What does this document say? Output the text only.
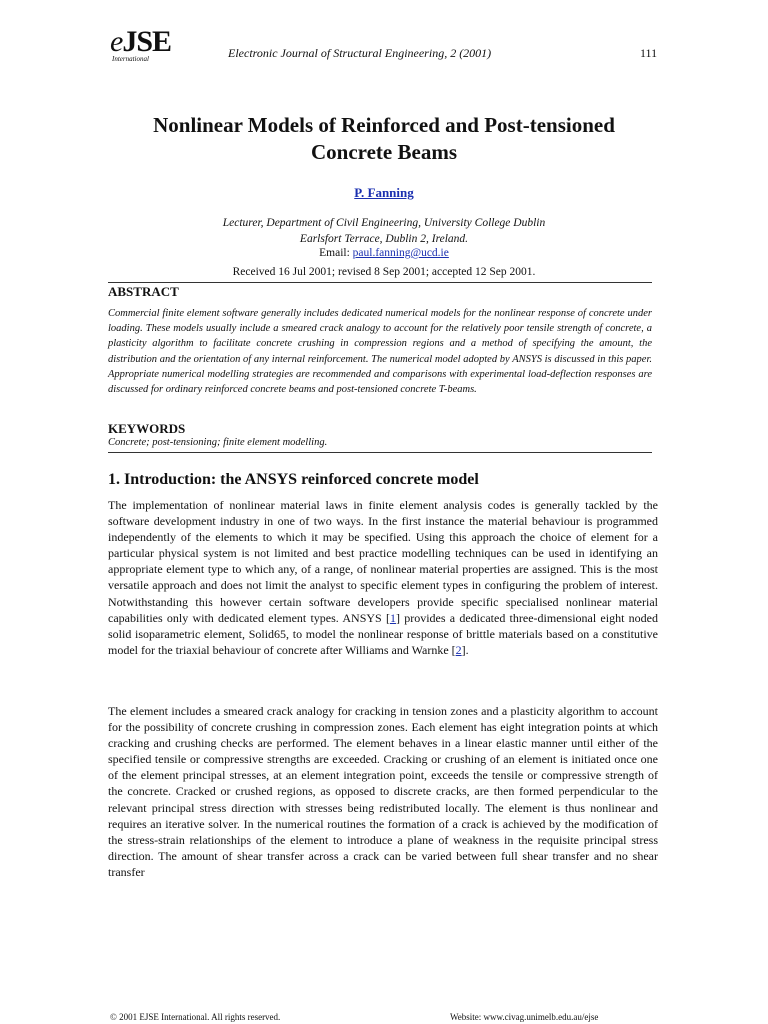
eJSE
International	Electronic Journal of Structural Engineering, 2 (2001)	111
Nonlinear Models of Reinforced and Post-tensioned
Concrete Beams
P. Fanning
Lecturer, Department of Civil Engineering, University College Dublin
Earlsfort Terrace, Dublin 2, Ireland.
Email: paul.fanning@ucd.ie
Received 16 Jul 2001; revised 8 Sep 2001; accepted 12 Sep 2001.
ABSTRACT
Commercial finite element software generally includes dedicated numerical models for the nonlinear response of concrete under loading. These models usually include a smeared crack analogy to account for the relatively poor tensile strength of concrete, a plasticity algorithm to facilitate concrete crushing in compression regions and a method of specifying the amount, the distribution and the orientation of any internal reinforcement. The numerical model adopted by ANSYS is discussed in this paper. Appropriate numerical modelling strategies are recommended and comparisons with experimental load-deflection responses are discussed for ordinary reinforced concrete beams and post-tensioned concrete T-beams.
KEYWORDS
Concrete; post-tensioning; finite element modelling.
1. Introduction: the ANSYS reinforced concrete model
The implementation of nonlinear material laws in finite element analysis codes is generally tackled by the software development industry in one of two ways. In the first instance the material behaviour is programmed independently of the elements to which it may be specified. Using this approach the choice of element for a particular physical system is not limited and best practice modelling techniques can be used in identifying an appropriate element type to which any, of a range, of nonlinear material properties are assigned. This is the most versatile approach and does not limit the analyst to specific element types in configuring the problem of interest. Notwithstanding this however certain software developers provide specific specialised nonlinear material capabilities only with dedicated element types. ANSYS [1] provides a dedicated three-dimensional eight noded solid isoparametric element, Solid65, to model the nonlinear response of brittle materials based on a constitutive model for the triaxial behaviour of concrete after Williams and Warnke [2].
The element includes a smeared crack analogy for cracking in tension zones and a plasticity algorithm to account for the possibility of concrete crushing in compression zones. Each element has eight integration points at which cracking and crushing checks are performed. The element behaves in a linear elastic manner until either of the specified tensile or compressive strengths are exceeded. Cracking or crushing of an element is initiated once one of the element principal stresses, at an element integration point, exceeds the tensile or compressive strength of the concrete. Cracked or crushed regions, as opposed to discrete cracks, are then formed perpendicular to the relevant principal stress direction with stresses being redistributed locally. The element is thus nonlinear and requires an iterative solver. In the numerical routines the formation of a crack is achieved by the modification of the stress-strain relationships of the element to introduce a plane of weakness in the requisite principal stress direction. The amount of shear transfer across a crack can be varied between full shear transfer and no shear transfer
© 2001 EJSE International. All rights reserved.	Website: www.civag.unimelb.edu.au/ejse
